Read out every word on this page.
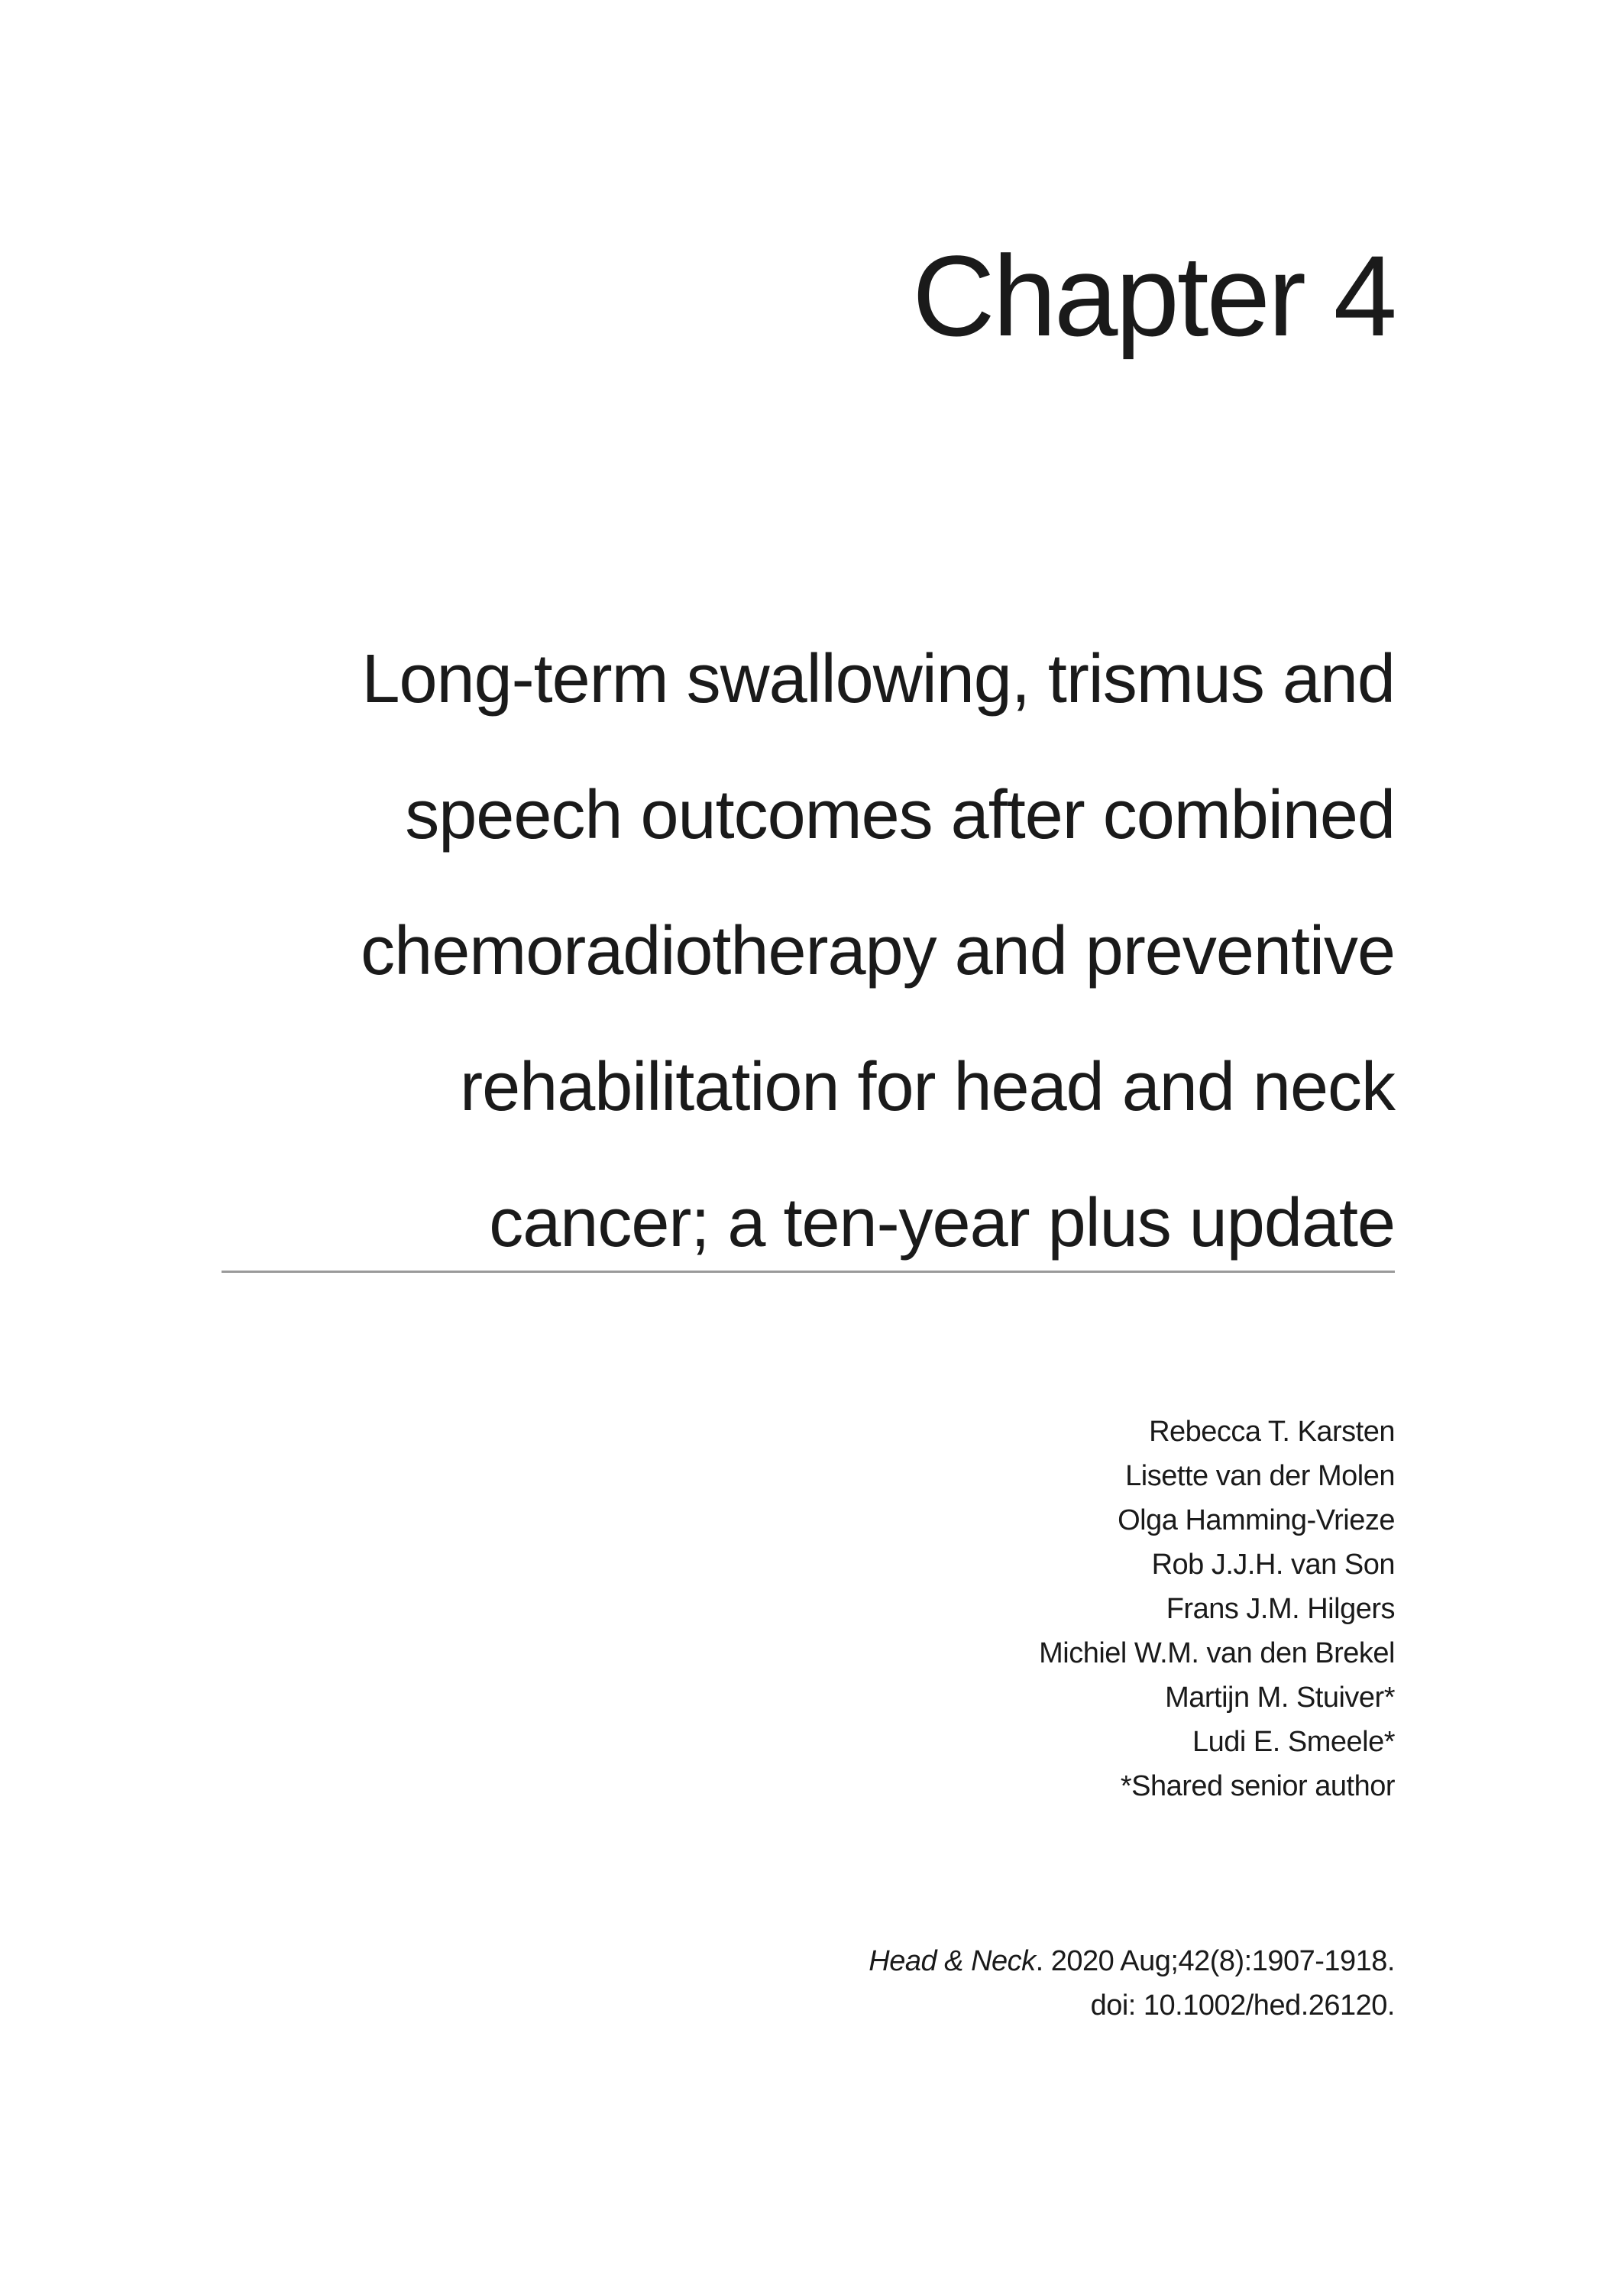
Chapter 4
Long-term swallowing, trismus and
speech outcomes after combined
chemoradiotherapy and preventive
rehabilitation for head and neck
cancer; a ten-year plus update
Rebecca T. Karsten
Lisette van der Molen
Olga Hamming-Vrieze
Rob J.J.H. van Son
Frans J.M. Hilgers
Michiel W.M. van den Brekel
Martijn M. Stuiver*
Ludi E. Smeele*
*Shared senior author
Head & Neck. 2020 Aug;42(8):1907-1918.
doi: 10.1002/hed.26120.
